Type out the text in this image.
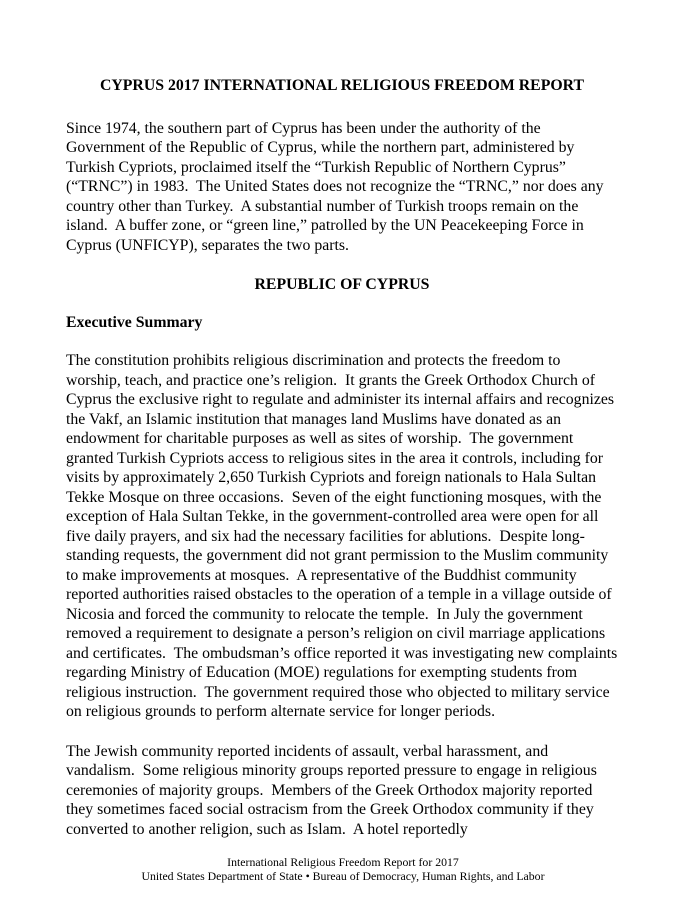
CYPRUS 2017 INTERNATIONAL RELIGIOUS FREEDOM REPORT

Since 1974, the southern part of Cyprus has been under the authority of the Government of the Republic of Cyprus, while the northern part, administered by Turkish Cypriots, proclaimed itself the “Turkish Republic of Northern Cyprus” (“TRNC”) in 1983.  The United States does not recognize the “TRNC,” nor does any country other than Turkey.  A substantial number of Turkish troops remain on the island.  A buffer zone, or “green line,” patrolled by the UN Peacekeeping Force in Cyprus (UNFICYP), separates the two parts.

REPUBLIC OF CYPRUS
Executive Summary

The constitution prohibits religious discrimination and protects the freedom to worship, teach, and practice one’s religion.  It grants the Greek Orthodox Church of Cyprus the exclusive right to regulate and administer its internal affairs and recognizes the Vakf, an Islamic institution that manages land Muslims have donated as an endowment for charitable purposes as well as sites of worship.  The government granted Turkish Cypriots access to religious sites in the area it controls, including for visits by approximately 2,650 Turkish Cypriots and foreign nationals to Hala Sultan Tekke Mosque on three occasions.  Seven of the eight functioning mosques, with the exception of Hala Sultan Tekke, in the government-controlled area were open for all five daily prayers, and six had the necessary facilities for ablutions.  Despite long-standing requests, the government did not grant permission to the Muslim community to make improvements at mosques.  A representative of the Buddhist community reported authorities raised obstacles to the operation of a temple in a village outside of Nicosia and forced the community to relocate the temple.  In July the government removed a requirement to designate a person’s religion on civil marriage applications and certificates.  The ombudsman’s office reported it was investigating new complaints regarding Ministry of Education (MOE) regulations for exempting students from religious instruction.  The government required those who objected to military service on religious grounds to perform alternate service for longer periods.

The Jewish community reported incidents of assault, verbal harassment, and vandalism.  Some religious minority groups reported pressure to engage in religious ceremonies of majority groups.  Members of the Greek Orthodox majority reported they sometimes faced social ostracism from the Greek Orthodox community if they converted to another religion, such as Islam.  A hotel reportedly

International Religious Freedom Report for 2017
United States Department of State • Bureau of Democracy, Human Rights, and Labor
